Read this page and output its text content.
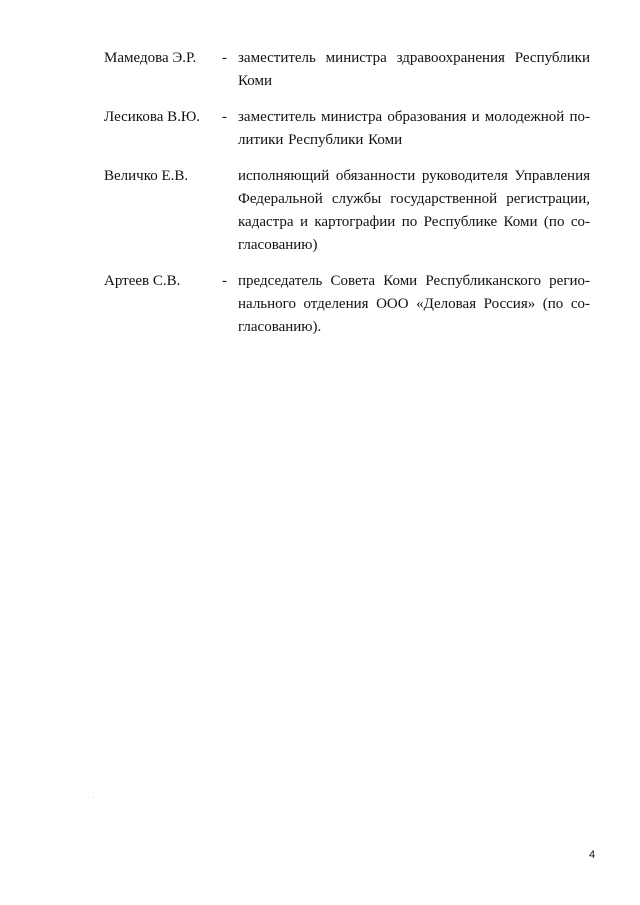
Мамедова Э.Р.	- заместитель министра здравоохранения Республики
Коми
Лесикова В.Ю.	- заместитель министра образования и молодежной по-
литики Республики Коми
Величко Е.В.	исполняющий обязанности руководителя Управления
Федеральной службы государственной регистрации,
кадастра и картографии по Республике Коми (по со-
гласованию)
Артеев С.В.	- председатель Совета Коми Республиканского регио-
нального отделения ООО «Деловая Россия» (по со-
гласованию).
4
